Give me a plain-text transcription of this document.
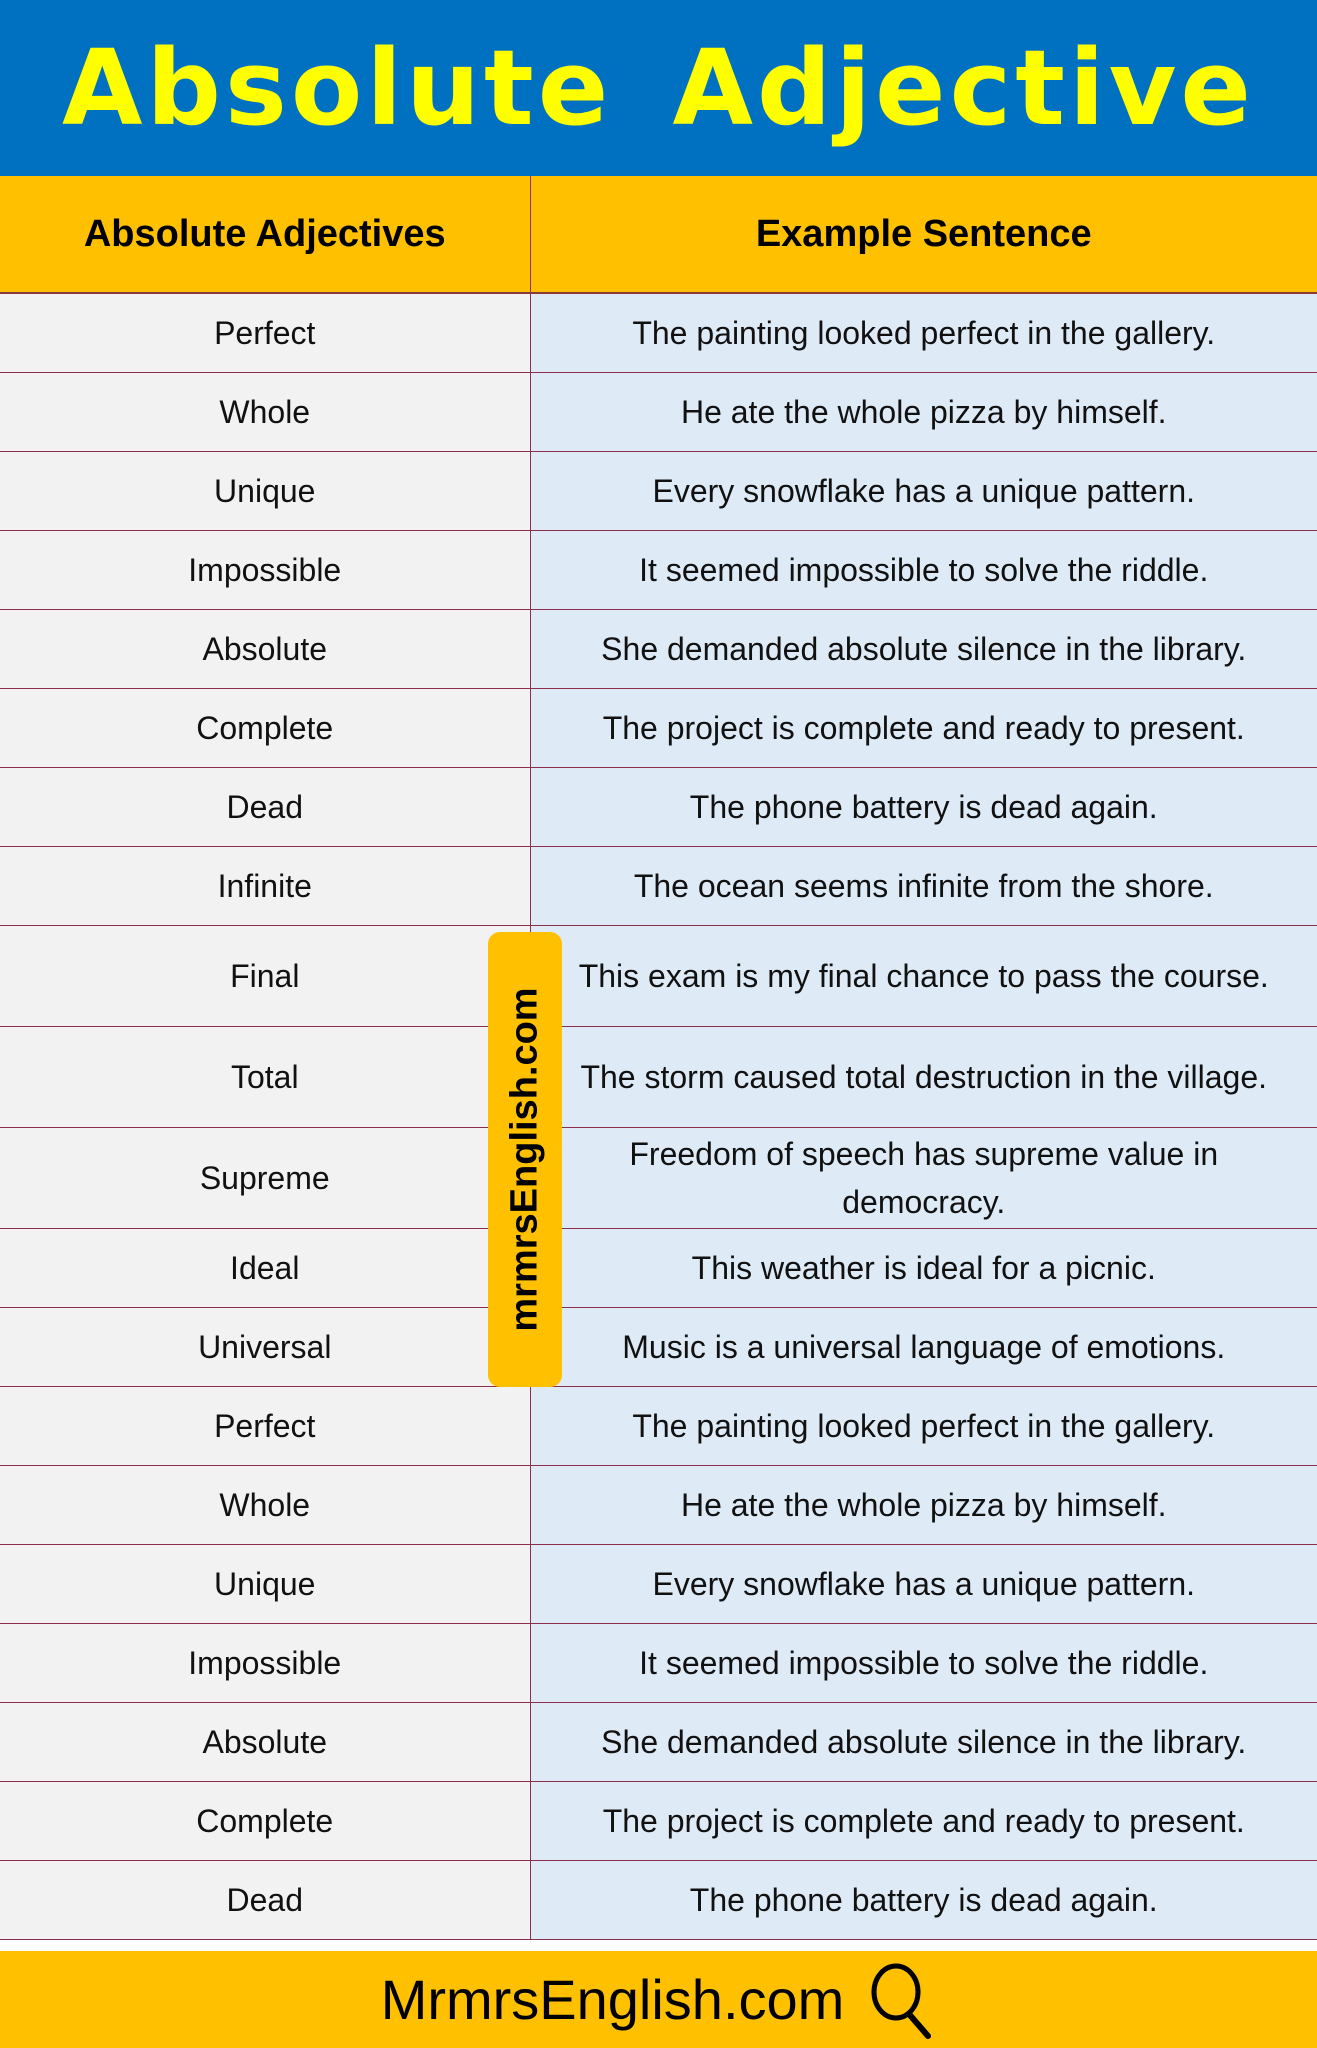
Absolute Adjective
Absolute Adjectives	Example Sentence
Perfect	The painting looked perfect in the gallery.
Whole	He ate the whole pizza by himself.
Unique	Every snowflake has a unique pattern.
Impossible	It seemed impossible to solve the riddle.
Absolute	She demanded absolute silence in the library.
Complete	The project is complete and ready to present.
Dead	The phone battery is dead again.
Infinite	The ocean seems infinite from the shore.
Final	This exam is my final chance to pass the course.
Total	The storm caused total destruction in the village.
Supreme	Freedom of speech has supreme value in democracy.
Ideal	This weather is ideal for a picnic.
Universal	Music is a universal language of emotions.
Perfect	The painting looked perfect in the gallery.
Whole	He ate the whole pizza by himself.
Unique	Every snowflake has a unique pattern.
Impossible	It seemed impossible to solve the riddle.
Absolute	She demanded absolute silence in the library.
Complete	The project is complete and ready to present.
Dead	The phone battery is dead again.
mrmrsEnglish.com
MrmrsEnglish.com
